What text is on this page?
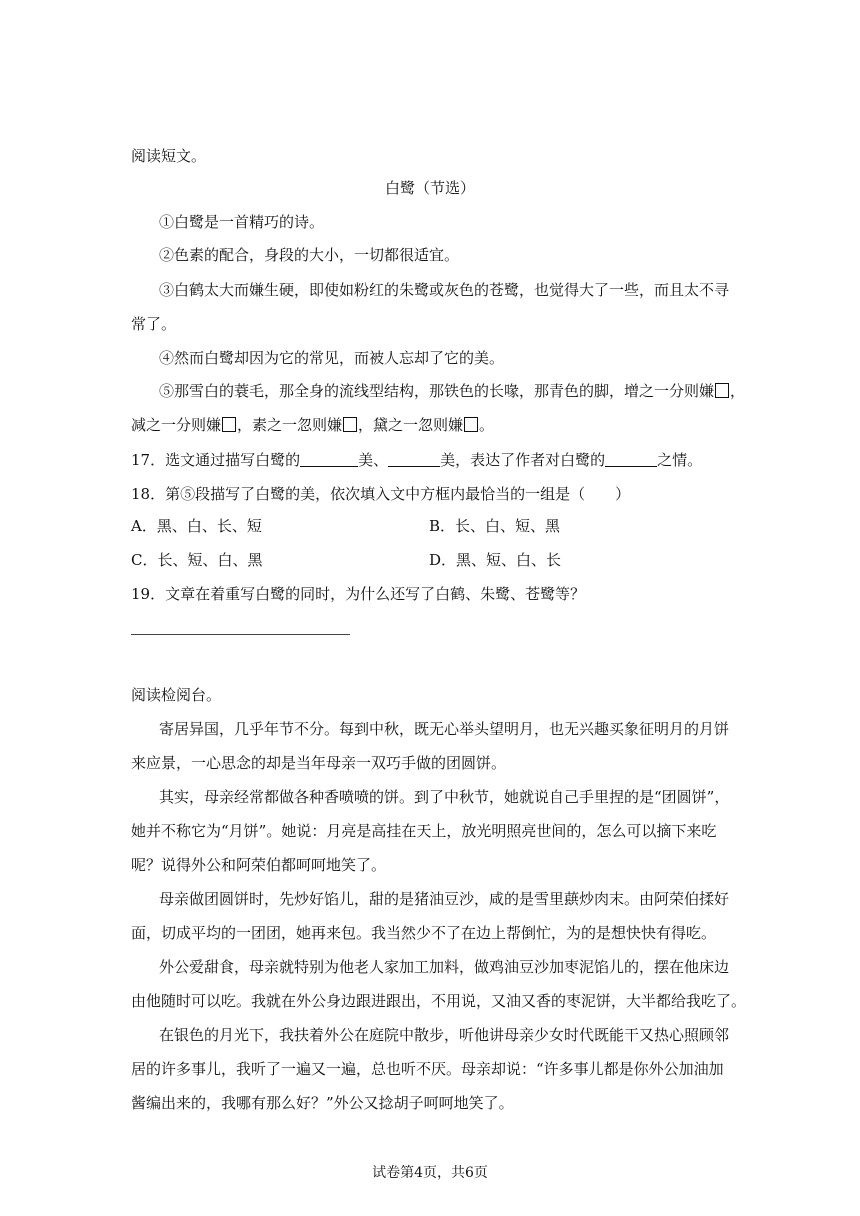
阅读短文。
白鹭（节选）
①白鹭是一首精巧的诗。
②色素的配合，身段的大小，一切都很适宜。
③白鹤太大而嫌生硬，即使如粉红的朱鹭或灰色的苍鹭，也觉得大了一些，而且太不寻
常了。
④然而白鹭却因为它的常见，而被人忘却了它的美。
⑤那雪白的蓑毛，那全身的流线型结构，那铁色的长喙，那青色的脚，增之一分则嫌 ，
减之一分则嫌 ，素之一忽则嫌 ，黛之一忽则嫌 。
17．选文通过描写白鹭的	美、	美，表达了作者对白鹭的	之情。
18．第⑤段描写了白鹭的美，依次填入文中方框内最恰当的一组是（　　）
A．黑、白、长、短	B．长、白、短、黑
C．长、短、白、黑	D．黑、短、白、长
19．文章在着重写白鹭的同时，为什么还写了白鹤、朱鹭、苍鹭等？
阅读检阅台。
寄居异国，几乎年节不分。每到中秋，既无心举头望明月，也无兴趣买象征明月的月饼
来应景，一心思念的却是当年母亲一双巧手做的团圆饼。
其实，母亲经常都做各种香喷喷的饼。到了中秋节，她就说自己手里捏的是“团圆饼”，
她并不称它为“月饼”。她说：月亮是高挂在天上，放光明照亮世间的，怎么可以摘下来吃
呢？说得外公和阿荣伯都呵呵地笑了。
母亲做团圆饼时，先炒好馅儿，甜的是猪油豆沙，咸的是雪里蕻炒肉末。由阿荣伯揉好
面，切成平均的一团团，她再来包。我当然少不了在边上帮倒忙，为的是想快快有得吃。
外公爱甜食，母亲就特别为他老人家加工加料，做鸡油豆沙加枣泥馅儿的，摆在他床边
由他随时可以吃。我就在外公身边跟进跟出，不用说，又油又香的枣泥饼，大半都给我吃了。
在银色的月光下，我扶着外公在庭院中散步，听他讲母亲少女时代既能干又热心照顾邻
居的许多事儿，我听了一遍又一遍，总也听不厌。母亲却说：“许多事儿都是你外公加油加
酱编出来的，我哪有那么好？”外公又捻胡子呵呵地笑了。
试卷第4页，共6页
